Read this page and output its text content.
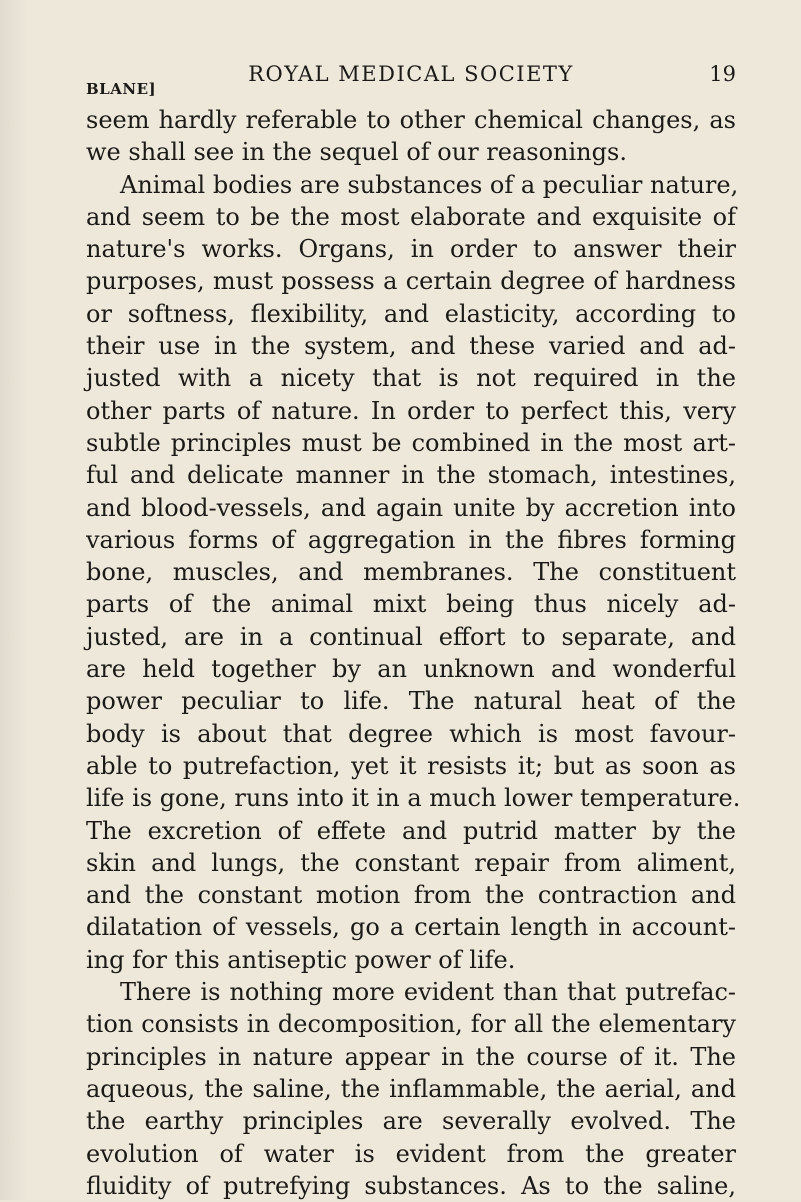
BLANE]
ROYAL MEDICAL SOCIETY	19
seem hardly referable to other chemical changes, as
we shall see in the sequel of our reasonings.
Animal bodies are substances of a peculiar nature,
and seem to be the most elaborate and exquisite of
nature's works. Organs, in order to answer their
purposes, must possess a certain degree of hardness
or softness, flexibility, and elasticity, according to
their use in the system, and these varied and ad-
justed with a nicety that is not required in the
other parts of nature. In order to perfect this, very
subtle principles must be combined in the most art-
ful and delicate manner in the stomach, intestines,
and blood-vessels, and again unite by accretion into
various forms of aggregation in the fibres forming
bone, muscles, and membranes. The constituent
parts of the animal mixt being thus nicely ad-
justed, are in a continual effort to separate, and
are held together by an unknown and wonderful
power peculiar to life. The natural heat of the
body is about that degree which is most favour-
able to putrefaction, yet it resists it; but as soon as
life is gone, runs into it in a much lower temperature.
The excretion of effete and putrid matter by the
skin and lungs, the constant repair from aliment,
and the constant motion from the contraction and
dilatation of vessels, go a certain length in account-
ing for this antiseptic power of life.
There is nothing more evident than that putrefac-
tion consists in decomposition, for all the elementary
principles in nature appear in the course of it. The
aqueous, the saline, the inflammable, the aerial, and
the earthy principles are severally evolved. The
evolution of water is evident from the greater
fluidity of putrefying substances. As to the saline,
